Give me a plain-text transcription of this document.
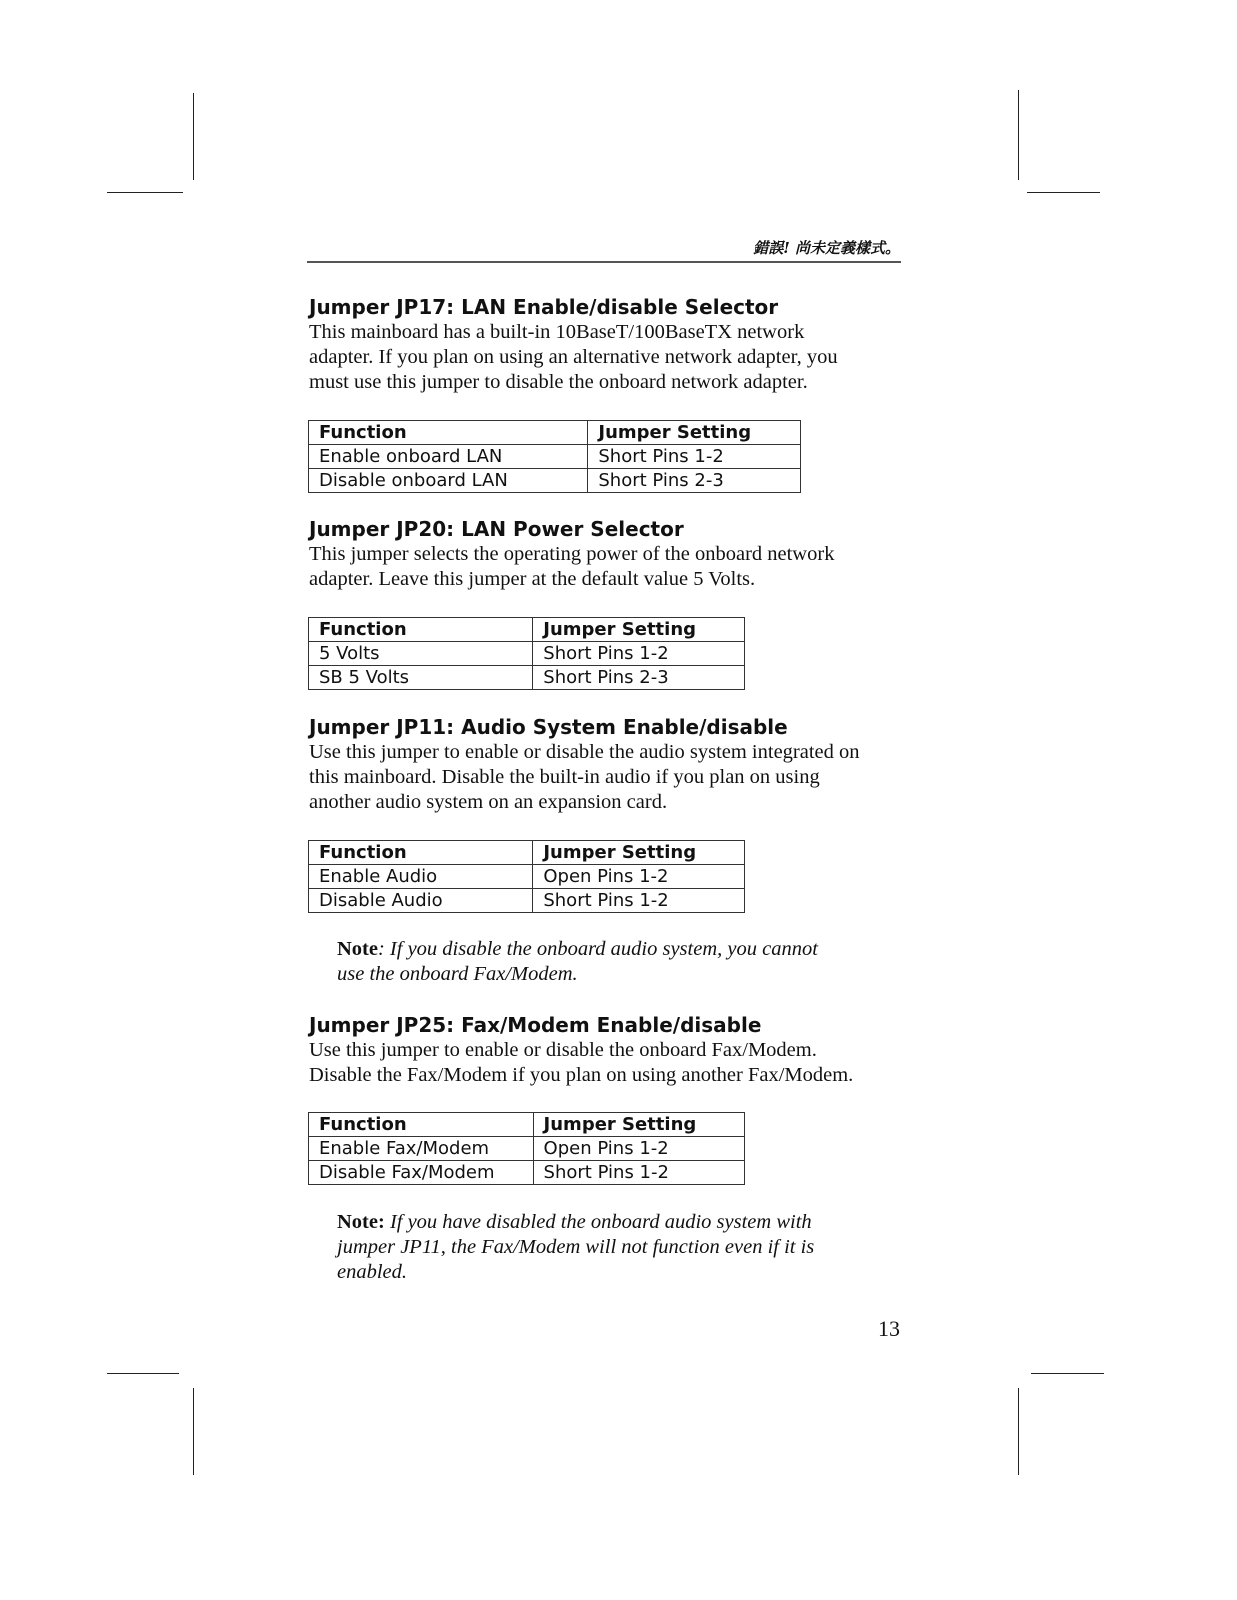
錯誤! 尚未定義樣式。
Jumper JP17: LAN Enable/disable Selector

This mainboard has a built-in 10BaseT/100BaseTX network
adapter. If you plan on using an alternative network adapter, you
must use this jumper to disable the onboard network adapter.

Function	Jumper Setting
Enable onboard LAN	Short Pins 1-2
Disable onboard LAN	Short Pins 2-3
Jumper JP20: LAN Power Selector

This jumper selects the operating power of the onboard network
adapter. Leave this jumper at the default value 5 Volts.

Function	Jumper Setting
5 Volts	Short Pins 1-2
SB 5 Volts	Short Pins 2-3
Jumper JP11: Audio System Enable/disable

Use this jumper to enable or disable the audio system integrated on
this mainboard. Disable the built-in audio if you plan on using
another audio system on an expansion card.

Function	Jumper Setting
Enable Audio	Open Pins 1-2
Disable Audio	Short Pins 1-2
Note: If you disable the onboard audio system, you cannot
use the onboard Fax/Modem.
Jumper JP25: Fax/Modem Enable/disable

Use this jumper to enable or disable the onboard Fax/Modem.
Disable the Fax/Modem if you plan on using another Fax/Modem.

Function	Jumper Setting
Enable Fax/Modem	Open Pins 1-2
Disable Fax/Modem	Short Pins 1-2
Note: If you have disabled the onboard audio system with
jumper JP11, the Fax/Modem will not function even if it is
enabled.
13
